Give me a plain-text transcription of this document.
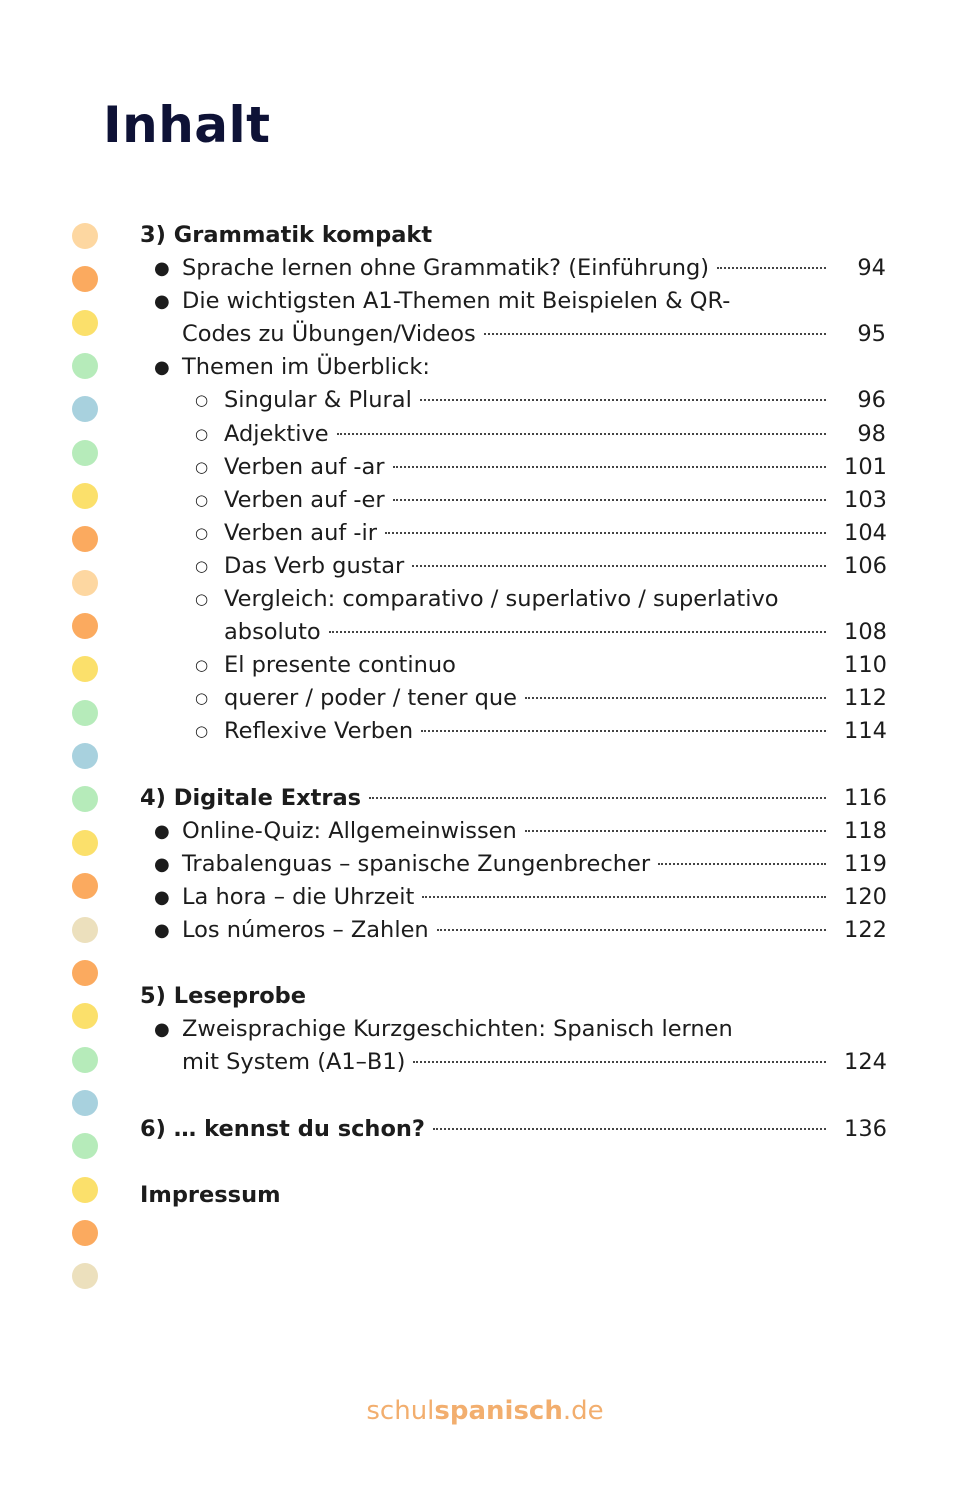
Inhalt
3) Grammatik kompakt
● Sprache lernen ohne Grammatik? (Einführung)	94
● Die wichtigsten A1-Themen mit Beispielen & QR-
Codes zu Übungen/Videos	95
● Themen im Überblick:
○ Singular & Plural	96
○ Adjektive	98
○ Verben auf -ar	101
○ Verben auf -er	103
○ Verben auf -ir	104
○ Das Verb gustar	106
○ Vergleich: comparativo / superlativo / superlativo
absoluto	108
○ El presente continuo	110
○ querer / poder / tener que	112
○ Reflexive Verben	114
4) Digitale Extras	116
● Online-Quiz: Allgemeinwissen	118
● Trabalenguas – spanische Zungenbrecher	119
● La hora – die Uhrzeit	120
● Los números – Zahlen	122
5) Leseprobe
● Zweisprachige Kurzgeschichten: Spanisch lernen
mit System (A1–B1)	124
6) … kennst du schon?	136
Impressum
schulspanisch.de
